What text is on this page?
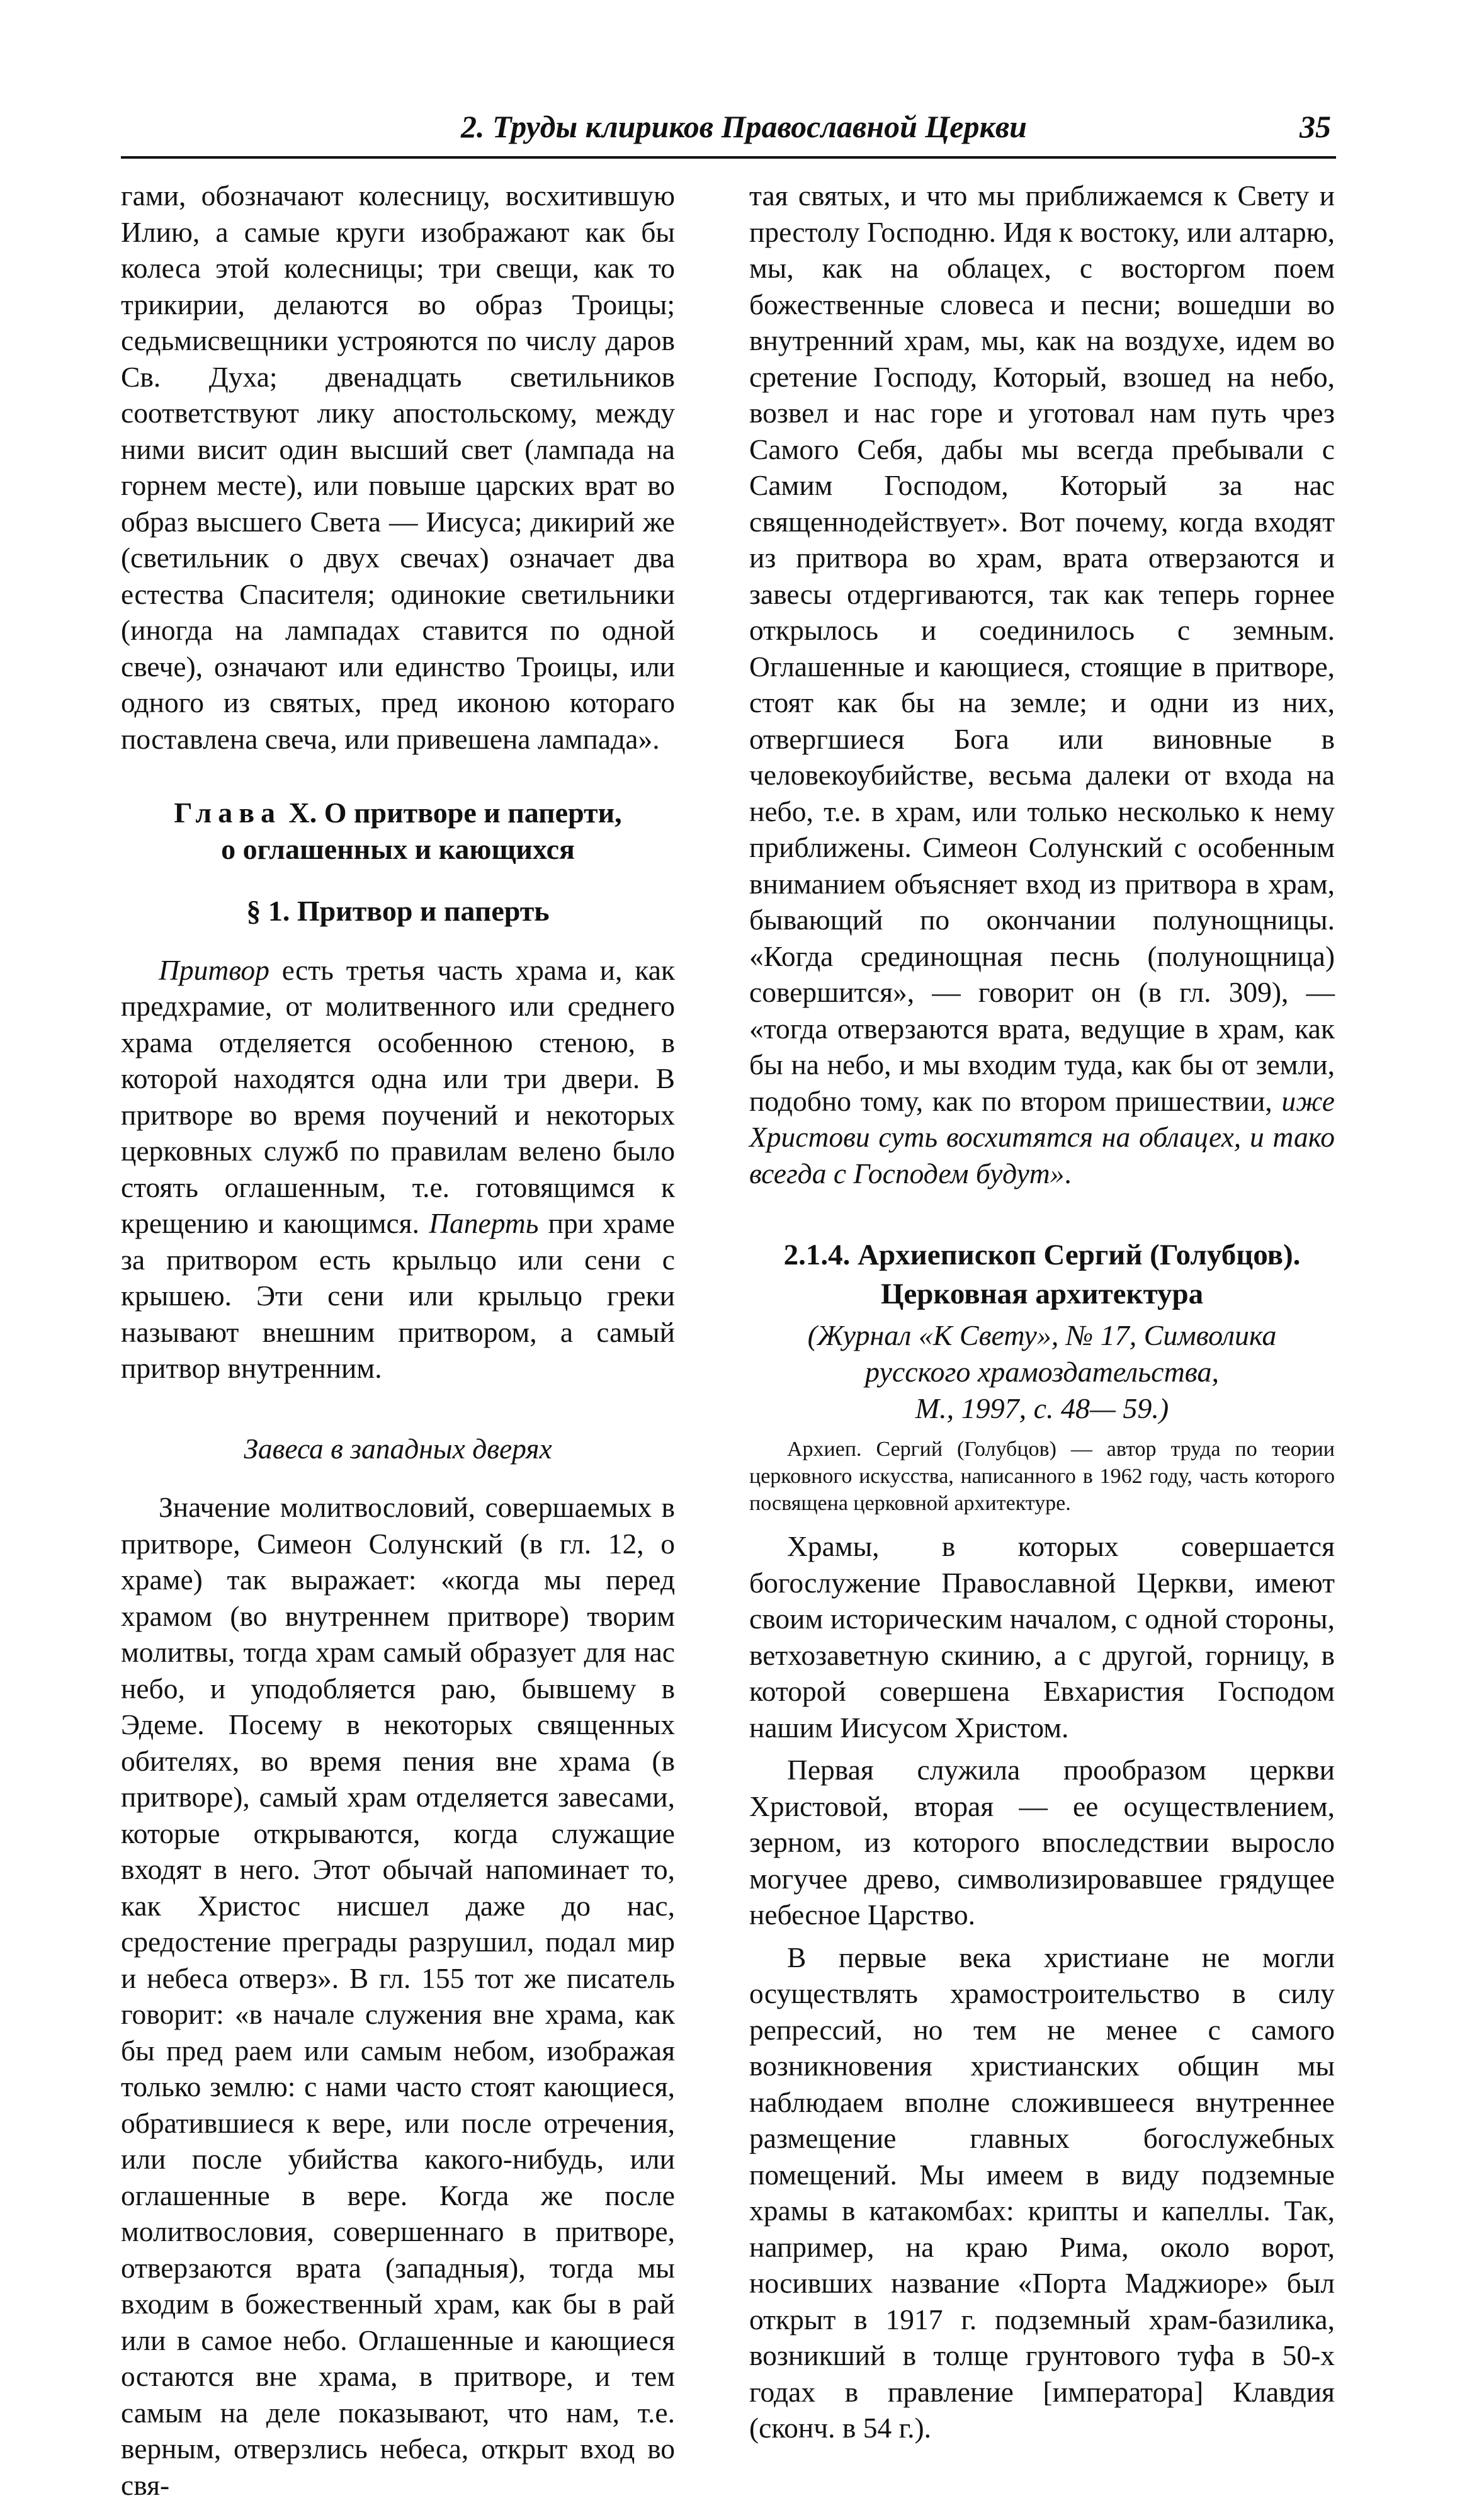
2. Труды клириков Православной Церкви	35

гами, обозначают колесницу, восхитившую Илию, а самые круги изображают как бы колеса этой колесницы; три свещи, как то трикирии, делаются во образ Троицы; седьмисвещники устрояются по числу даров Св. Духа; двенадцать светильников соответствуют лику апостольскому, между ними висит один высший свет (лампада на горнем месте), или повыше царских врат во образ высшего Света — Иисуса; дикирий же (светильник о двух свечах) означает два естества Спасителя; одинокие светильники (иногда на лампадах ставится по одной свече), означают или единство Троицы, или одного из святых, пред иконою котораго поставлена свеча, или привешена лампада».

Глава X. О притворе и паперти,
о оглашенных и кающихся
§ 1. Притвор и паперть

Притвор есть третья часть храма и, как предхрамие, от молитвенного или среднего храма отделяется особенною стеною, в которой находятся одна или три двери. В притворе во время поучений и некоторых церковных служб по правилам велено было стоять оглашенным, т.е. готовящимся к крещению и кающимся. Паперть при храме за притвором есть крыльцо или сени с крышею. Эти сени или крыльцо греки называют внешним притвором, а самый притвор внутренним.

Завеса в западных дверях

Значение молитвословий, совершаемых в притворе, Симеон Солунский (в гл. 12, о храме) так выражает: «когда мы перед храмом (во внутреннем притворе) творим молитвы, тогда храм самый образует для нас небо, и уподобляется раю, бывшему в Эдеме. Посему в некоторых священных обителях, во время пения вне храма (в притворе), самый храм отделяется завесами, которые открываются, когда служащие входят в него. Этот обычай напоминает то, как Христос нисшел даже до нас, средостение преграды разрушил, подал мир и небеса отверз». В гл. 155 тот же писатель говорит: «в начале служения вне храма, как бы пред раем или самым небом, изображая только землю: с нами часто стоят кающиеся, обратившиеся к вере, или после отречения, или после убийства какого-нибудь, или оглашенные в вере. Когда же после молитвословия, совершеннаго в притворе, отверзаются врата (западныя), тогда мы входим в божественный храм, как бы в рай или в самое небо. Оглашенные и кающиеся остаются вне храма, в притворе, и тем самым на деле показывают, что нам, т.е. верным, отверзлись небеса, открыт вход во свя-

тая святых, и что мы приближаемся к Свету и престолу Господню. Идя к востоку, или алтарю, мы, как на облацех, с восторгом поем божественные словеса и песни; вошедши во внутренний храм, мы, как на воздухе, идем во сретение Господу, Который, взошед на небо, возвел и нас горе и уготовал нам путь чрез Самого Себя, дабы мы всегда пребывали с Самим Господом, Который за нас священнодействует». Вот почему, когда входят из притвора во храм, врата отверзаются и завесы отдергиваются, так как теперь горнее открылось и соединилось с земным. Оглашенные и кающиеся, стоящие в притворе, стоят как бы на земле; и одни из них, отвергшиеся Бога или виновные в человекоубийстве, весьма далеки от входа на небо, т.е. в храм, или только несколько к нему приближены. Симеон Солунский с особенным вниманием объясняет вход из притвора в храм, бывающий по окончании полунощницы. «Когда срединощная песнь (полунощница) совершится», — говорит он (в гл. 309), — «тогда отверзаются врата, ведущие в храм, как бы на небо, и мы входим туда, как бы от земли, подобно тому, как по втором пришествии, иже Христови суть восхитятся на облацех, и тако всегда с Господем будут».

2.1.4. Архиепископ Сергий (Голубцов).
Церковная архитектура
(Журнал «К Свету», № 17, Символика
русского храмоздательства,
М., 1997, с. 48— 59.)

Архиеп. Сергий (Голубцов) — автор труда по теории церковного искусства, написанного в 1962 году, часть которого посвящена церковной архитектуре.

Храмы, в которых совершается богослужение Православной Церкви, имеют своим историческим началом, с одной стороны, ветхозаветную скинию, а с другой, горницу, в которой совершена Евхаристия Господом нашим Иисусом Христом.

Первая служила прообразом церкви Христовой, вторая — ее осуществлением, зерном, из которого впоследствии выросло могучее древо, символизировавшее грядущее небесное Царство.

В первые века христиане не могли осуществлять храмостроительство в силу репрессий, но тем не менее с самого возникновения христианских общин мы наблюдаем вполне сложившееся внутреннее размещение главных богослужебных помещений. Мы имеем в виду подземные храмы в катакомбах: крипты и капеллы. Так, например, на краю Рима, около ворот, носивших название «Порта Маджиоре» был открыт в 1917 г. подземный храм-базилика, возникший в толще грунтового туфа в 50-х годах в правление [императора] Клавдия (сконч. в 54 г.).
